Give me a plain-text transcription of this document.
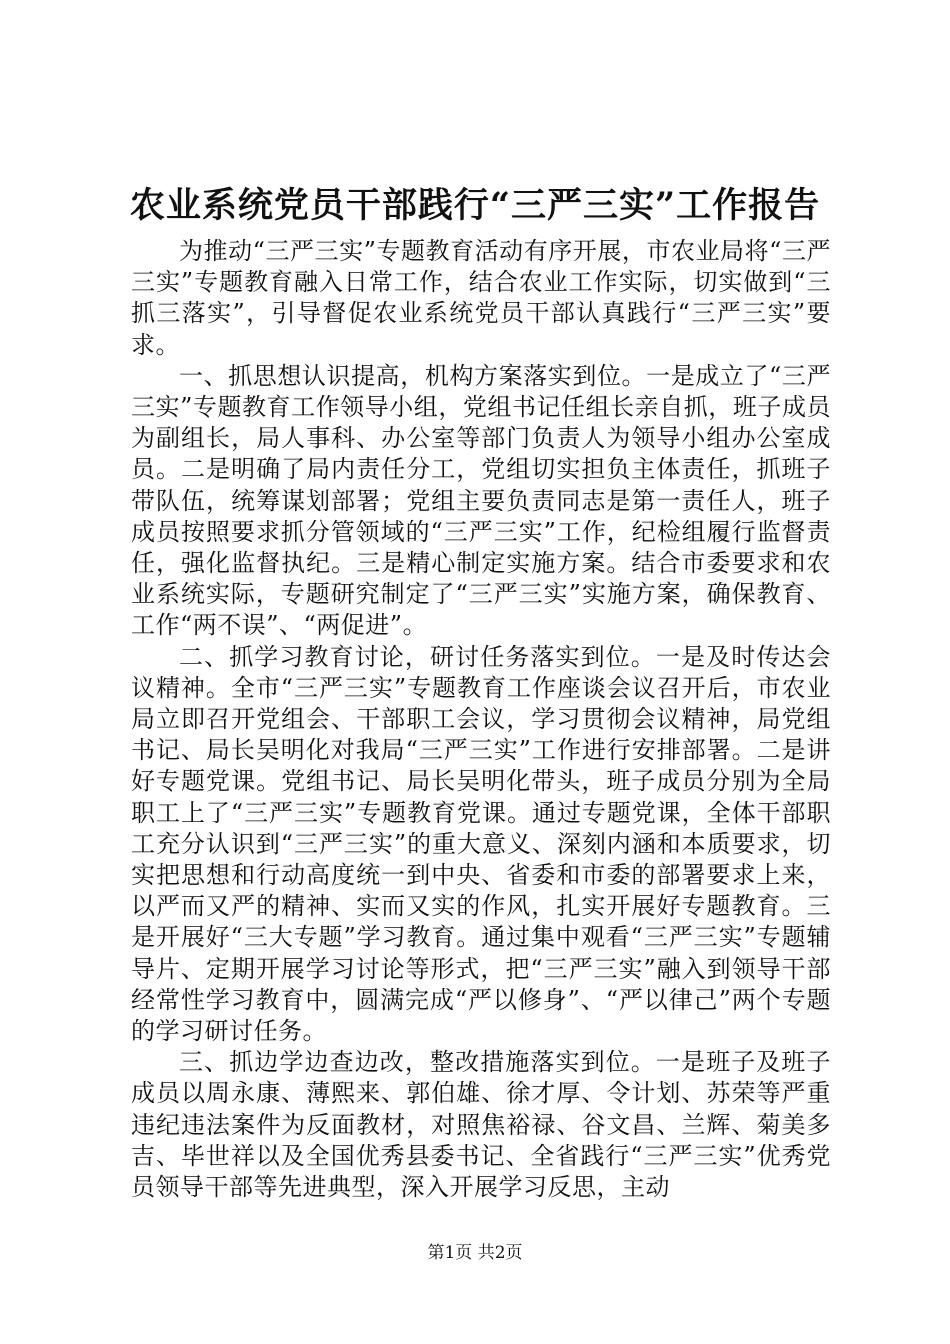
农业系统党员干部践行“三严三实”工作报告

为推动“三严三实”专题教育活动有序开展，市农业局将“三严三实”专题教育融入日常工作，结合农业工作实际，切实做到“三抓三落实”，引导督促农业系统党员干部认真践行“三严三实”要求。

一、抓思想认识提高，机构方案落实到位。一是成立了“三严三实”专题教育工作领导小组，党组书记任组长亲自抓，班子成员为副组长，局人事科、办公室等部门负责人为领导小组办公室成员。二是明确了局内责任分工，党组切实担负主体责任，抓班子带队伍，统筹谋划部署；党组主要负责同志是第一责任人，班子成员按照要求抓分管领域的“三严三实”工作，纪检组履行监督责任，强化监督执纪。三是精心制定实施方案。结合市委要求和农业系统实际，专题研究制定了“三严三实”实施方案，确保教育、工作“两不误”、“两促进”。

二、抓学习教育讨论，研讨任务落实到位。一是及时传达会议精神。全市“三严三实”专题教育工作座谈会议召开后，市农业局立即召开党组会、干部职工会议，学习贯彻会议精神，局党组书记、局长吴明化对我局“三严三实”工作进行安排部署。二是讲好专题党课。党组书记、局长吴明化带头，班子成员分别为全局职工上了“三严三实”专题教育党课。通过专题党课，全体干部职工充分认识到“三严三实”的重大意义、深刻内涵和本质要求，切实把思想和行动高度统一到中央、省委和市委的部署要求上来，以严而又严的精神、实而又实的作风，扎实开展好专题教育。三是开展好“三大专题”学习教育。通过集中观看“三严三实”专题辅导片、定期开展学习讨论等形式，把“三严三实”融入到领导干部经常性学习教育中，圆满完成“严以修身”、“严以律己”两个专题的学习研讨任务。

三、抓边学边查边改，整改措施落实到位。一是班子及班子成员以周永康、薄熙来、郭伯雄、徐才厚、令计划、苏荣等严重违纪违法案件为反面教材，对照焦裕禄、谷文昌、兰辉、菊美多吉、毕世祥以及全国优秀县委书记、全省践行“三严三实”优秀党员领导干部等先进典型，深入开展学习反思，主动

第1页 共2页
